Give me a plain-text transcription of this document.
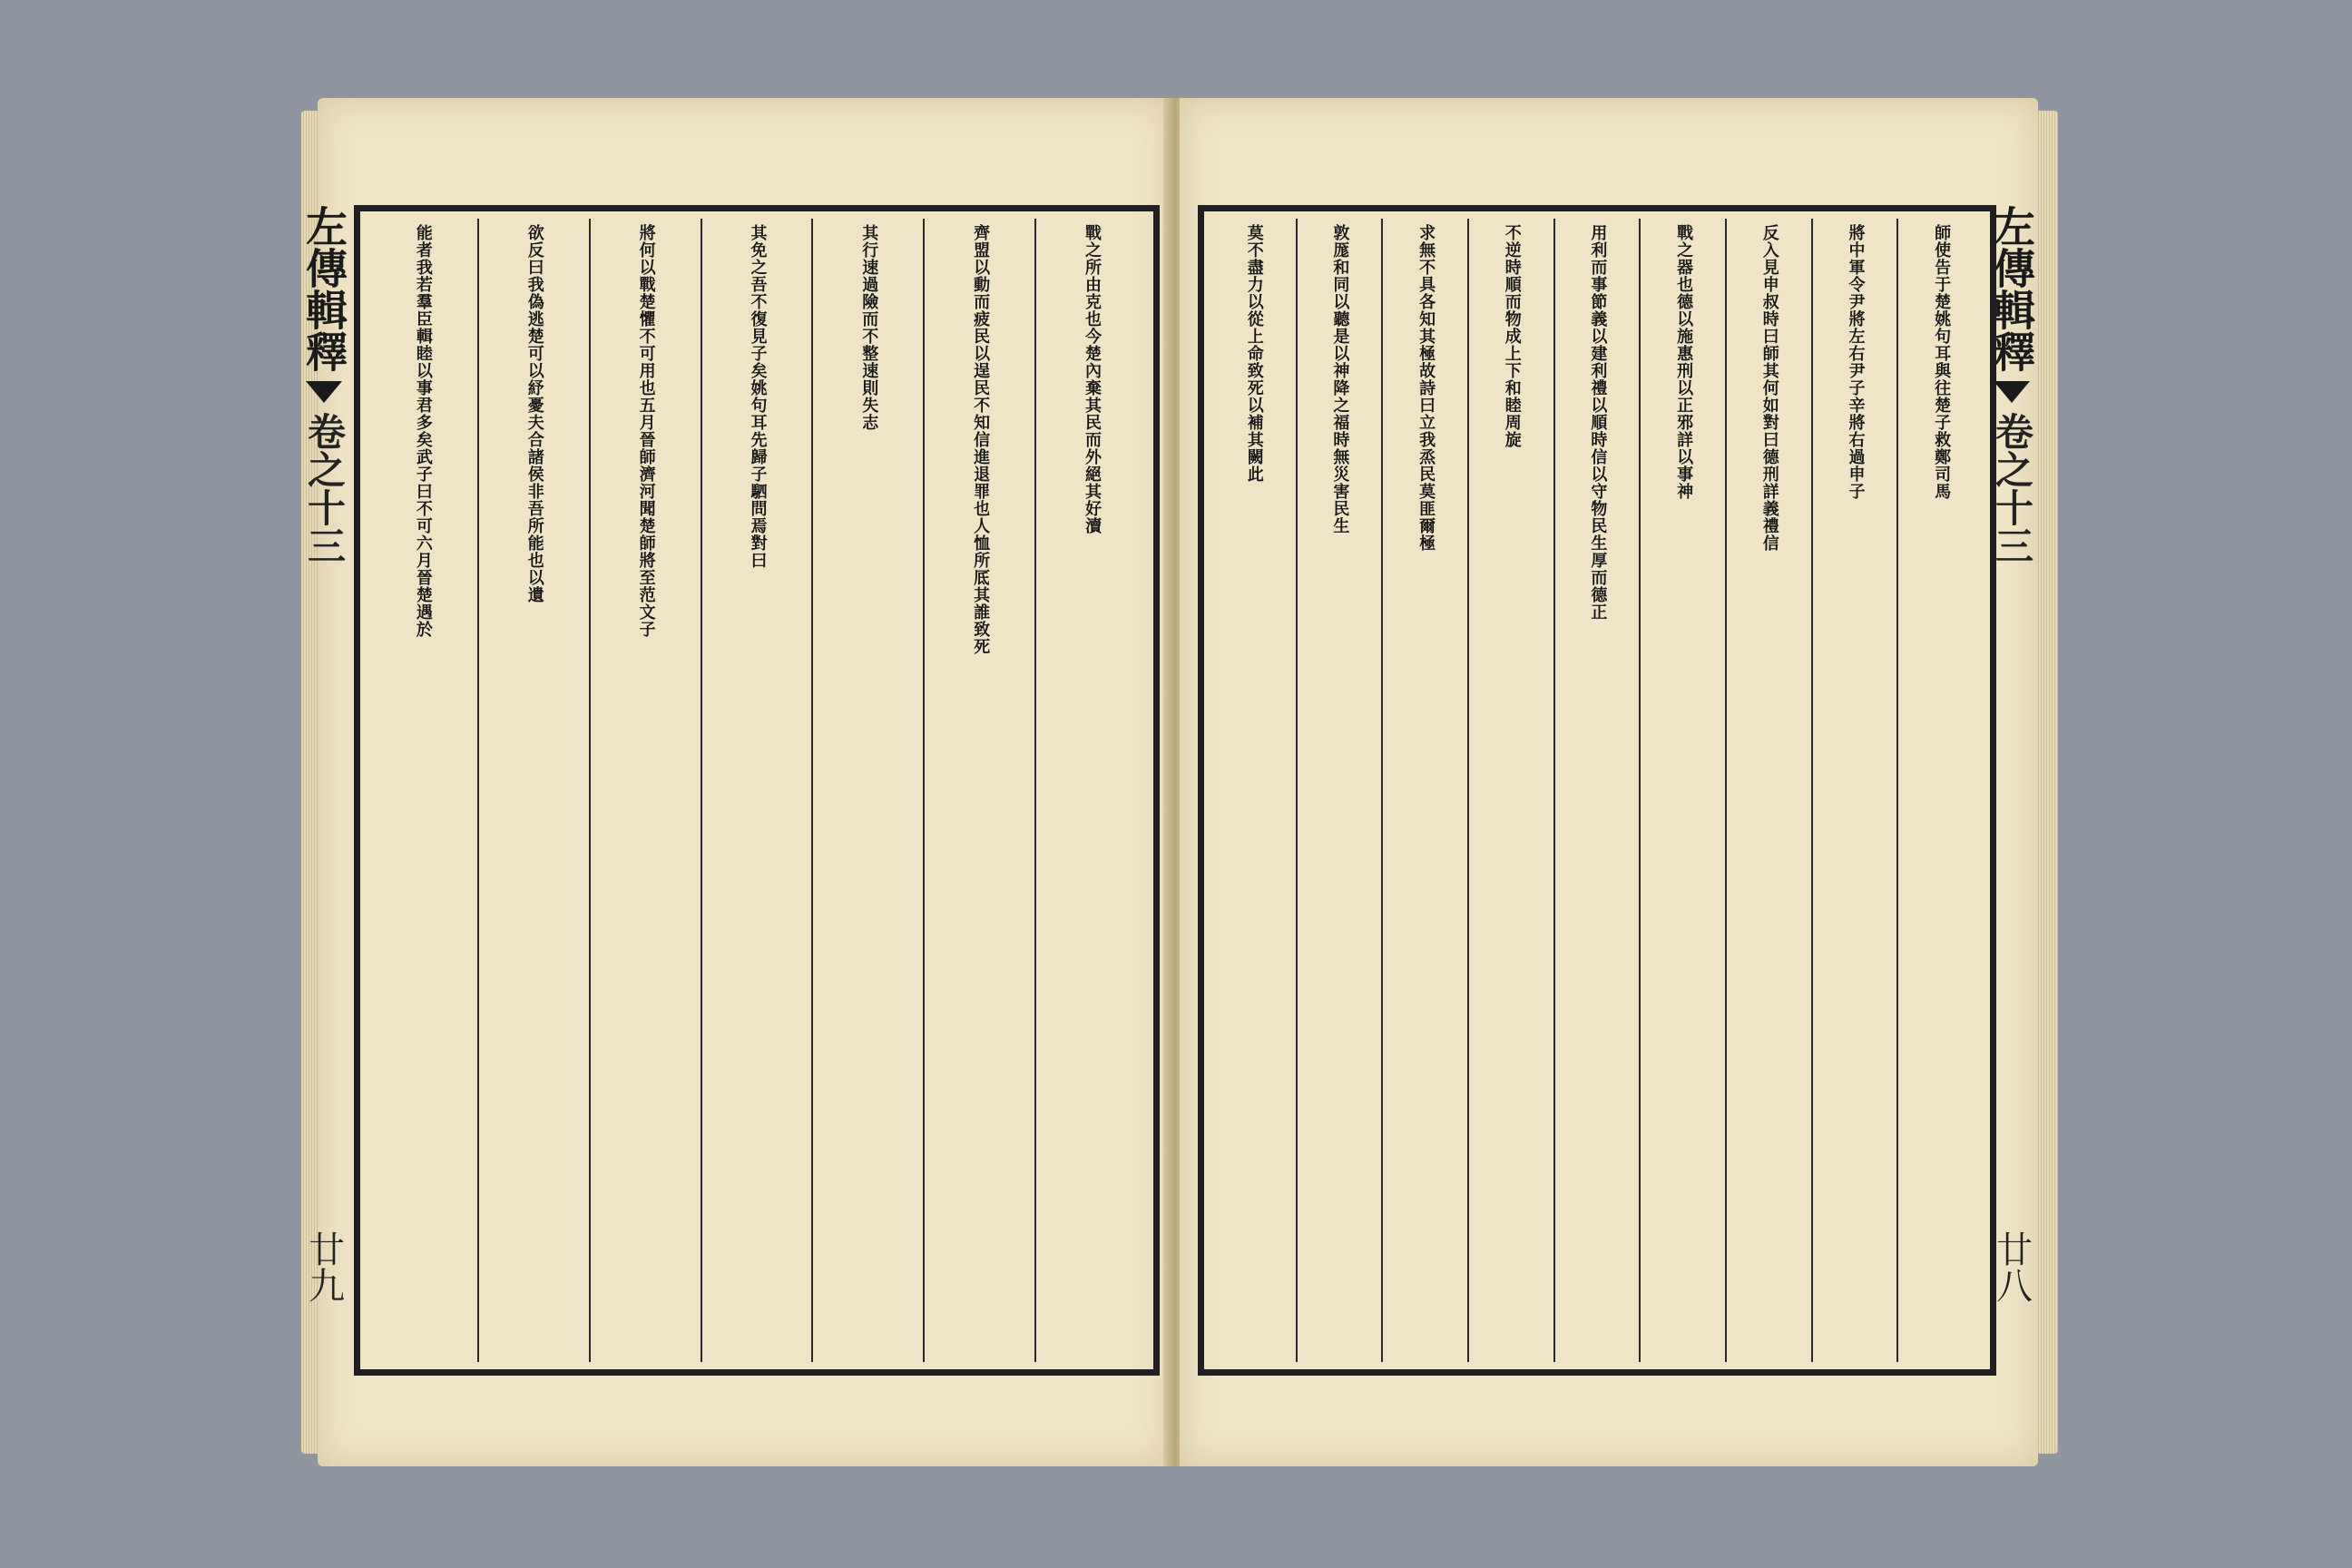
戰之所由克也今楚內棄其民而外絕其好瀆
齊盟以動而疲民以逞民不知信進退罪也人恤所厎其誰致死
其行速過險而不整速則失志
其免之吾不復見子矣姚句耳先歸子駟問焉對曰
將何以戰楚懼不可用也五月晉師濟河聞楚師將至范文子
欲反曰我偽逃楚可以紓憂夫合諸侯非吾所能也以遺
能者我若羣臣輯睦以事君多矣武子曰不可六月晉楚遇於
左傳輯釋
卷之十三
廿九
師使告于楚姚句耳與往楚子救鄭司馬
將中軍令尹將左右尹子辛將右過申子
反入見申叔時曰師其何如對曰德刑詳義禮信
戰之器也德以施惠刑以正邪詳以事神
用利而事節義以建利禮以順時信以守物民生厚而德正
不逆時順而物成上下和睦周旋
求無不具各知其極故詩曰立我烝民莫匪爾極
敦厖和同以聽是以神降之福時無災害民生
莫不盡力以從上命致死以補其闕此	左傳輯釋
卷之十三
廿八
